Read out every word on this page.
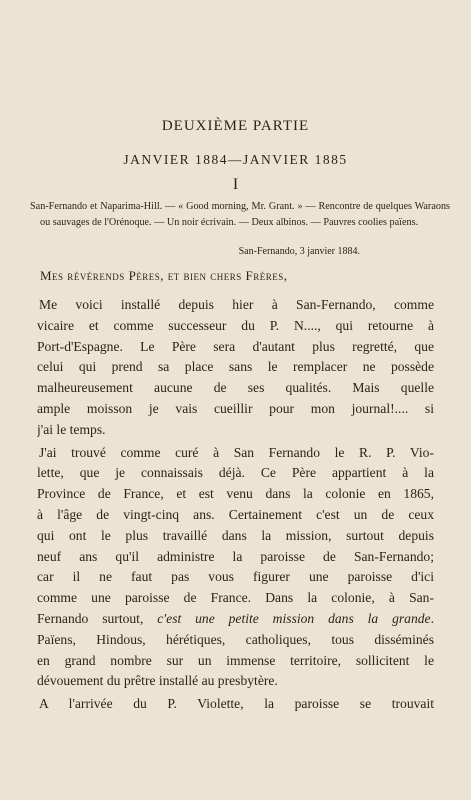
DEUXIÈME PARTIE
JANVIER 1884—JANVIER 1885
I

San-Fernando et Naparima-Hill. — « Good morning, Mr. Grant. » — Rencontre de quelques Waraons ou sauvages de l'Orénoque. — Un noir écrivain. — Deux albinos. — Pauvres coolies païens.

San-Fernando, 3 janvier 1884.
Mes révérends Pères, et bien chers Frères,

Me voici installé depuis hier à San-Fernando, comme
vicaire et comme successeur du P. N...., qui retourne à
Port-d'Espagne. Le Père sera d'autant plus regretté, que
celui qui prend sa place sans le remplacer ne possède
malheureusement aucune de ses qualités. Mais quelle
ample moisson je vais cueillir pour mon journal!.... si
j'ai le temps.

J'ai trouvé comme curé à San Fernando le R. P. Vio-
lette, que je connaissais déjà. Ce Père appartient à la
Province de France, et est venu dans la colonie en 1865,
à l'âge de vingt-cinq ans. Certainement c'est un de ceux
qui ont le plus travaillé dans la mission, surtout depuis
neuf ans qu'il administre la paroisse de San-Fernando;
car il ne faut pas vous figurer une paroisse d'ici
comme une paroisse de France. Dans la colonie, à San-
Fernando surtout, c'est une petite mission dans la grande.
Païens, Hindous, hérétiques, catholiques, tous disséminés
en grand nombre sur un immense territoire, sollicitent le
dévouement du prêtre installé au presbytère.

A l'arrivée du P. Violette, la paroisse se trouvait
